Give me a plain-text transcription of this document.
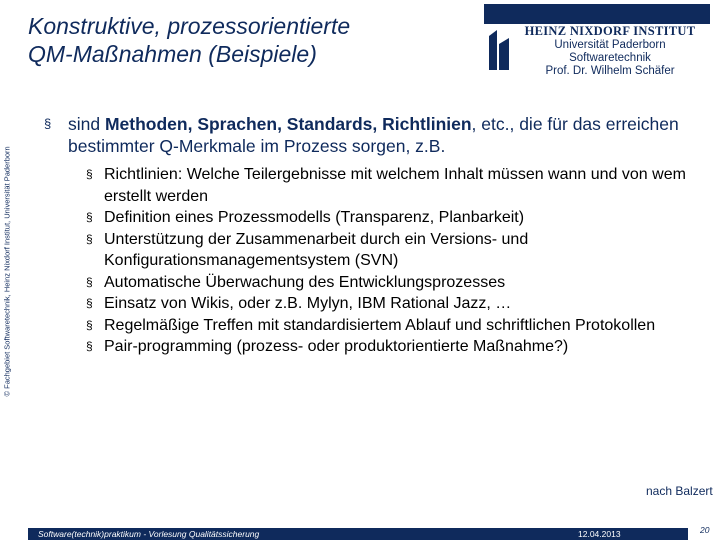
Konstruktive, prozessorientierte
QM-Maßnahmen (Beispiele)
HEINZ NIXDORF INSTITUT
Universität Paderborn
Softwaretechnik
Prof. Dr. Wilhelm Schäfer
© Fachgebiet Softwaretechnik, Heinz Nixdorf Institut, Universität Paderborn
§ sind Methoden, Sprachen, Standards, Richtlinien, etc., die für das erreichen bestimmter Q-Merkmale im Prozess sorgen, z.B.
§ Richtlinien: Welche Teilergebnisse mit welchem Inhalt müssen wann und von wem erstellt werden
§ Definition eines Prozessmodells (Transparenz, Planbarkeit)
§ Unterstützung der Zusammenarbeit durch ein Versions- und Konfigurationsmanagementsystem (SVN)
§ Automatische Überwachung des Entwicklungsprozesses
§ Einsatz von Wikis, oder z.B. Mylyn, IBM Rational Jazz, …
§ Regelmäßige Treffen mit standardisiertem Ablauf und schriftlichen Protokollen
§ Pair-programming (prozess- oder produktorientierte Maßnahme?)
nach Balzert
Software(technik)praktikum - Vorlesung Qualitätssicherung	12.04.2013	20
